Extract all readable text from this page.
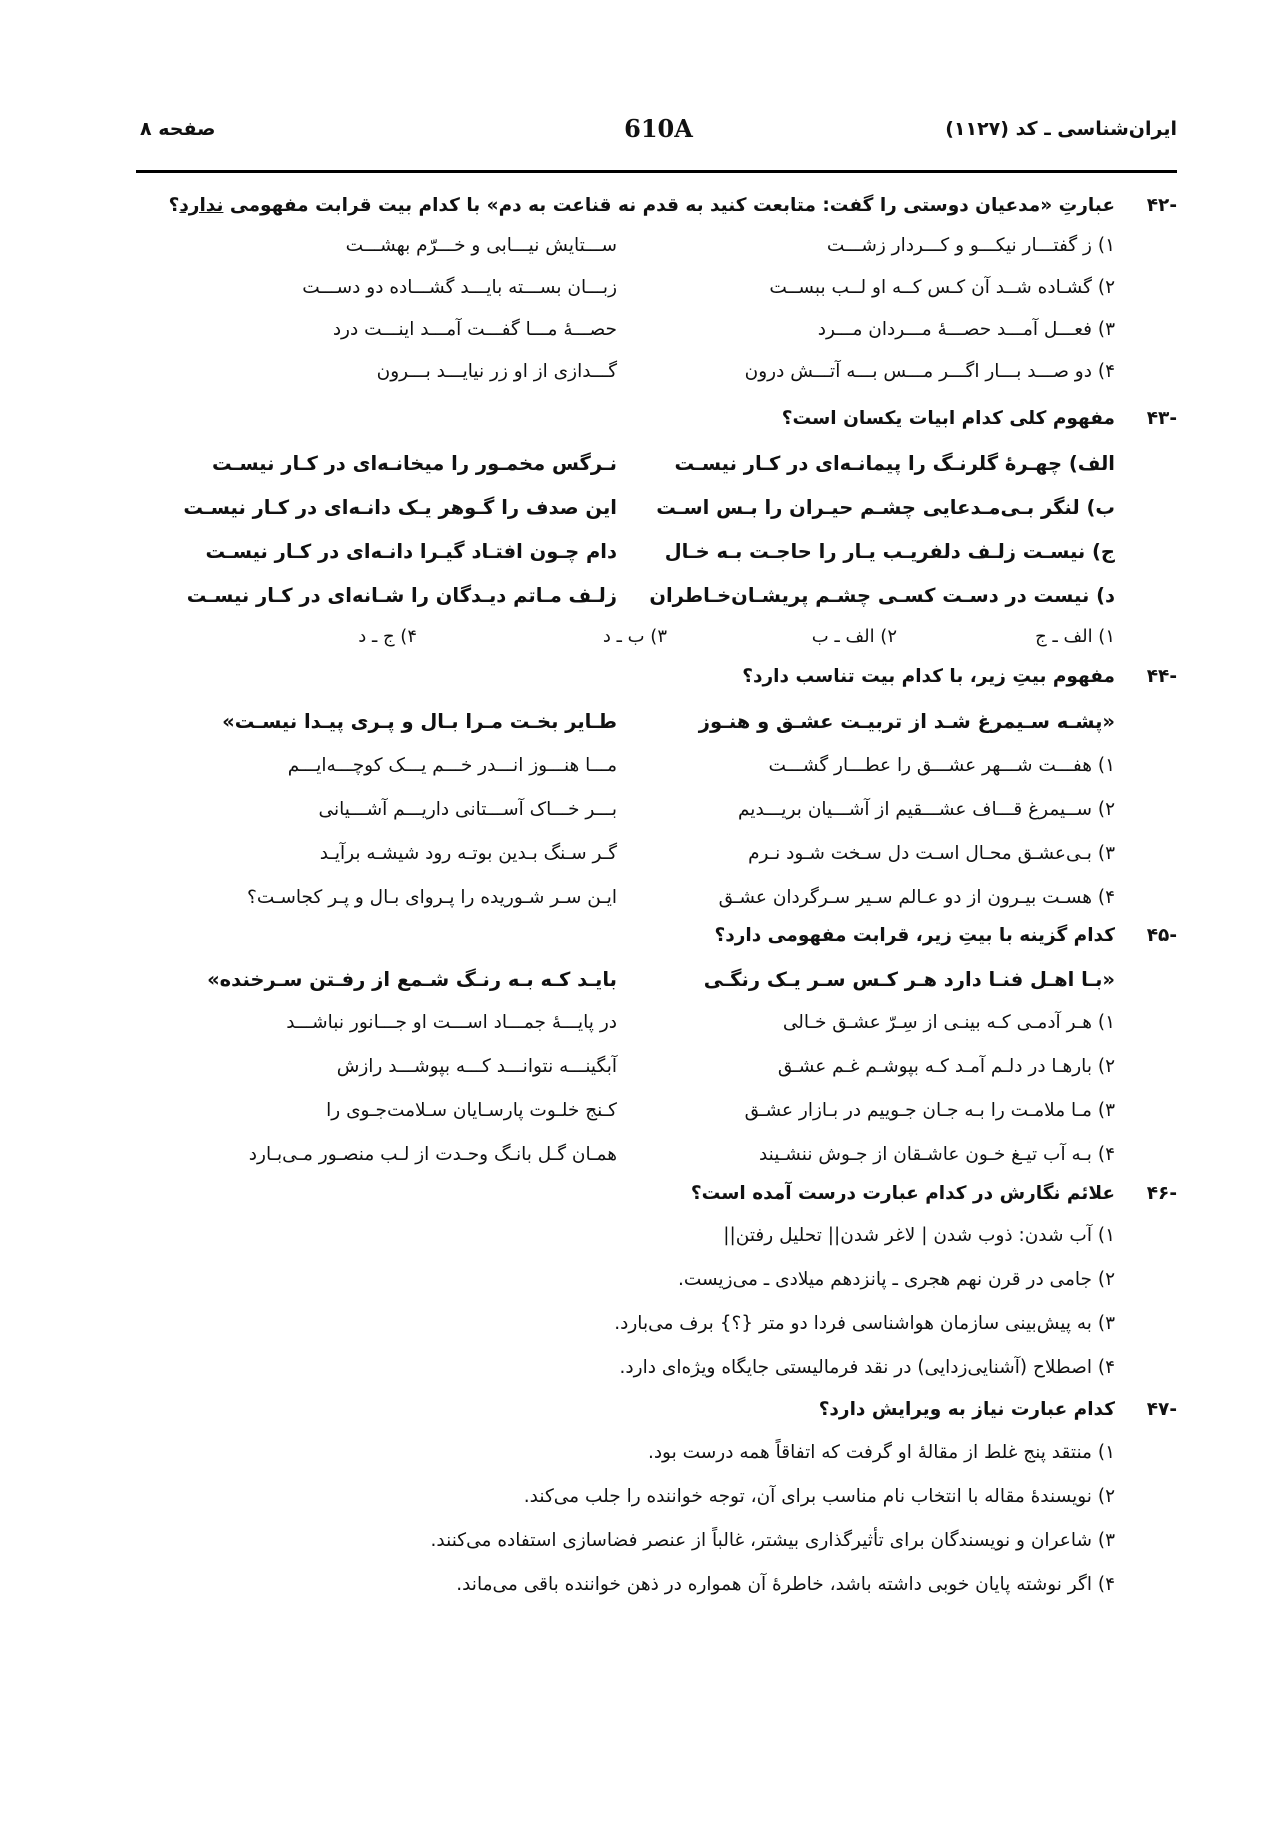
ایران‌شناسی ـ کد (۱۱۲۷)
610A
صفحه ۸
-۴۲
عبارتِ «مدعیان دوستی را گفت: متابعت کنید به قدم نه قناعت به دم» با کدام بیت قرابت مفهومی ندارد؟
۱) ز گفتـــار نیکـــو و کـــردار زشـــت
ســـتایش نیـــابی و خـــرّم بهشـــت
۲) گشـاده شــد آن کـس کــه او لــب ببســت
زبـــان بســـته بایـــد گشـــاده دو دســـت
۳) فعـــل آمـــد حصـــهٔ مـــردان مـــرد
حصـــهٔ مـــا گفـــت آمـــد اینـــت درد
۴) دو صـــد بـــار اگـــر مـــس بـــه آتـــش درون
گـــدازی از او زر نیایـــد بـــرون
-۴۳
مفهوم کلی کدام ابیات یکسان است؟
الف) چهـرهٔ گلرنـگ را پیمانـه‌ای در کـار نیسـت
نـرگس مخمـور را میخانـه‌ای در کـار نیسـت
ب) لنگر بـی‌مـدعایی چشـم حیـران را بـس اسـت
این صدف را گـوهر یـک دانـه‌ای در کـار نیسـت
ج) نیسـت زلـف دلفریـب یـار را حاجـت بـه خـال
دام چـون افتـاد گیـرا دانـه‌ای در کـار نیسـت
د) نیست در دسـت کسـی چشـم پریشـان‌خـاطران
زلـف مـاتم دیـدگان را شـانه‌ای در کـار نیسـت
۱) الف ـ ج
۲) الف ـ ب
۳) ب ـ د
۴) ج ـ د
-۴۴
مفهوم بیتِ زیر، با کدام بیت تناسب دارد؟
«پشـه سـیمرغ شـد از تربیـت عشـق و هنـوز
طـایر بخـت مـرا بـال و پـری پیـدا نیسـت»
۱) هفـــت شـــهر عشـــق را عطـــار گشـــت
مـــا هنـــوز انـــدر خـــم یـــک کوچـــه‌ایـــم
۲) ســیمرغ قـــاف عشـــقیم از آشـــیان بریـــدیم
بـــر خـــاک آســـتانی داریـــم آشـــیانی
۳) بـی‌عشـق محـال اسـت دل سـخت شـود نـرم
گـر سـنگ بـدین بوتـه رود شیشـه برآیـد
۴) هسـت بیـرون از دو عـالم سـیر سـرگردان عشـق
ایـن سـر شـوریده را پـروای بـال و پـر کجاسـت؟
-۴۵
کدام گزینه با بیتِ زیر، قرابت مفهومی دارد؟
«بـا اهـل فنـا دارد هـر کـس سـر یـک رنگـی
بایـد کـه بـه رنـگ شـمع از رفـتن سـرخنده»
۱) هـر آدمـی کـه بینـی از سِـرّ عشـق خـالی
در پایـــهٔ جمـــاد اســـت او جـــانور نباشـــد
۲) بارهـا در دلـم آمـد کـه بپوشـم غـم عشـق
آبگینـــه نتوانـــد کـــه بپوشـــد رازش
۳) مـا ملامـت را بـه جـان جـوییم در بـازار عشـق
کـنج خلـوت پارسـایان سـلامت‌جـوی را
۴) بـه آب تیـغ خـون عاشـقان از جـوش ننشـیند
همـان گـل بانـگ وحـدت از لـب منصـور مـی‌بـارد
-۴۶
علائم نگارش در کدام عبارت درست آمده است؟
۱) آب شدن: ذوب شدن | لاغر شدن|| تحلیل رفتن||
۲) جامی در قرن نهم هجری ـ پانزدهم میلادی ـ می‌زیست.
۳) به پیش‌بینی سازمان هواشناسی فردا دو متر {؟} برف می‌بارد.
۴) اصطلاح (آشنایی‌زدایی) در نقد فرمالیستی جایگاه ویژه‌ای دارد.
-۴۷
کدام عبارت نیاز به ویرایش دارد؟
۱) منتقد پنج غلط از مقالهٔ او گرفت که اتفاقاً همه درست بود.
۲) نویسندهٔ مقاله با انتخاب نام مناسب برای آن، توجه خواننده را جلب می‌کند.
۳) شاعران و نویسندگان برای تأثیرگذاری بیشتر، غالباً از عنصر فضاسازی استفاده می‌کنند.
۴) اگر نوشته پایان خوبی داشته باشد، خاطرهٔ آن همواره در ذهن خواننده باقی می‌ماند.
